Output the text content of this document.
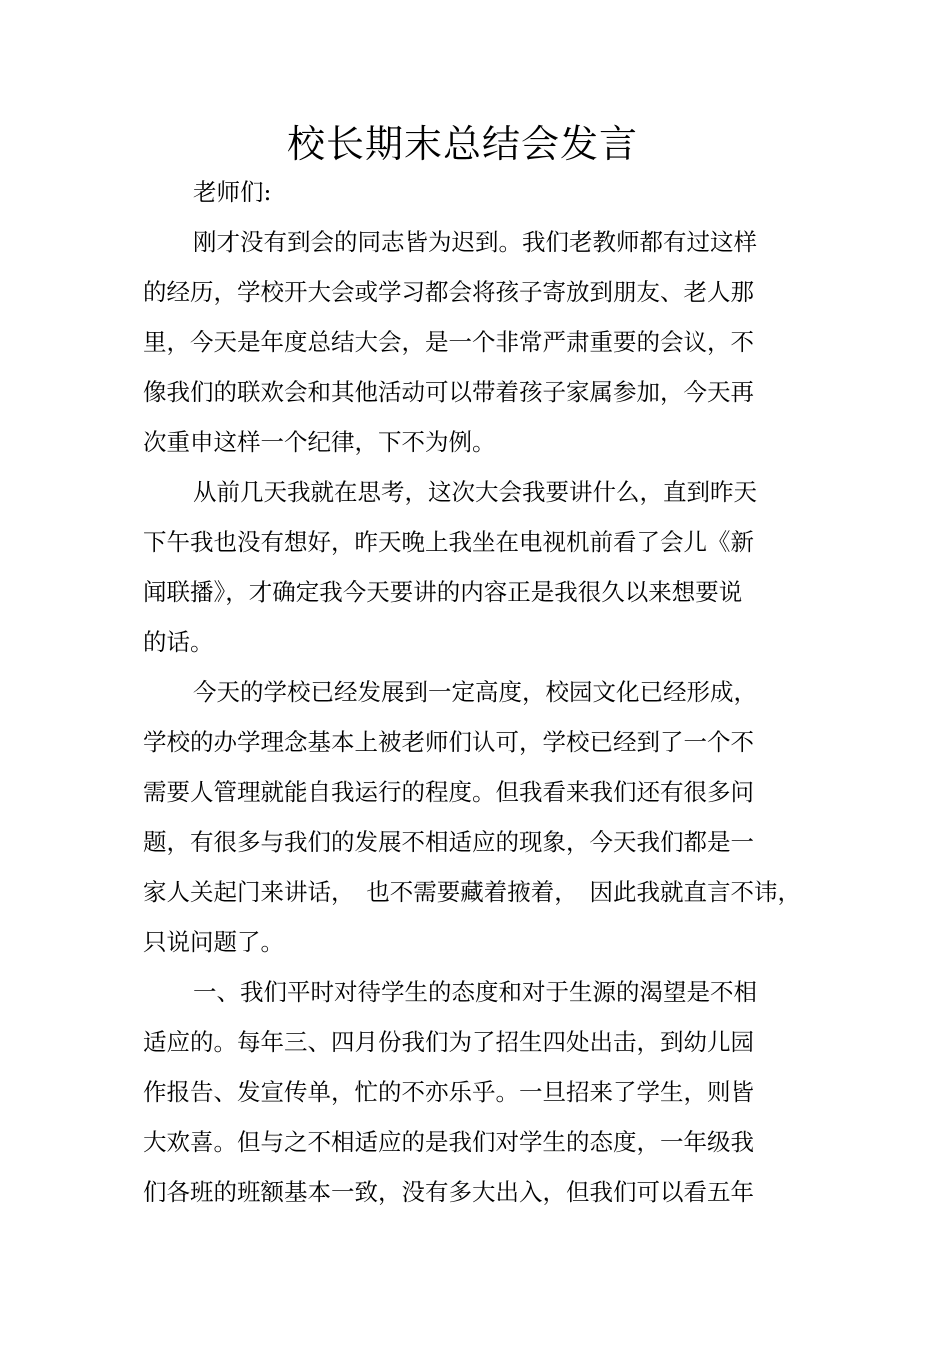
校长期末总结会发言
老师们:
刚才没有到会的同志皆为迟到。我们老教师都有过这样
的经历，学校开大会或学习都会将孩子寄放到朋友、老人那
里，今天是年度总结大会，是一个非常严肃重要的会议，不
像我们的联欢会和其他活动可以带着孩子家属参加，今天再
次重申这样一个纪律，下不为例。
从前几天我就在思考，这次大会我要讲什么，直到昨天
下午我也没有想好，昨天晚上我坐在电视机前看了会儿《新
闻联播》，才确定我今天要讲的内容正是我很久以来想要说
的话。
今天的学校已经发展到一定高度，校园文化已经形成，
学校的办学理念基本上被老师们认可，学校已经到了一个不
需要人管理就能自我运行的程度。但我看来我们还有很多问
题，有很多与我们的发展不相适应的现象，今天我们都是一
家人关起门来讲话，　也不需要藏着掖着，　因此我就直言不讳，
只说问题了。
一、我们平时对待学生的态度和对于生源的渴望是不相
适应的。每年三、四月份我们为了招生四处出击，到幼儿园
作报告、发宣传单，忙的不亦乐乎。一旦招来了学生，则皆
大欢喜。但与之不相适应的是我们对学生的态度，一年级我
们各班的班额基本一致，没有多大出入，但我们可以看五年
